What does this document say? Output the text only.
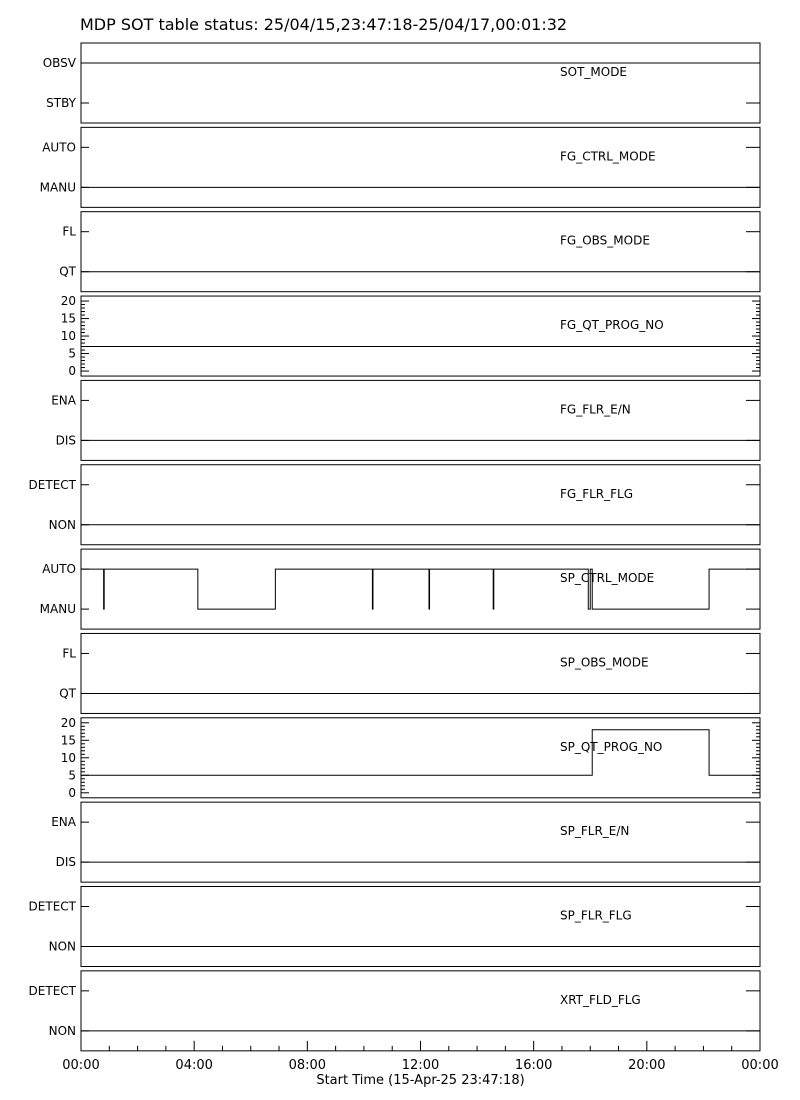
MDP SOT table status: 25/04/15,23:47:18-25/04/17,00:01:32
STBY
OBSV
SOT_MODE
MANU
AUTO
FG_CTRL_MODE
QT
FL
FG_OBS_MODE
0
5
10
15
20
FG_QT_PROG_NO
DIS
ENA
FG_FLR_E/N
NON
DETECT
FG_FLR_FLG
MANU
AUTO
SP_CTRL_MODE
QT
FL
SP_OBS_MODE
0
5
10
15
20
SP_QT_PROG_NO
DIS
ENA
SP_FLR_E/N
NON
DETECT
SP_FLR_FLG
NON
DETECT
XRT_FLD_FLG
00:00	04:00	08:00	12:00	16:00	20:00	00:00
Start Time (15-Apr-25 23:47:18)
